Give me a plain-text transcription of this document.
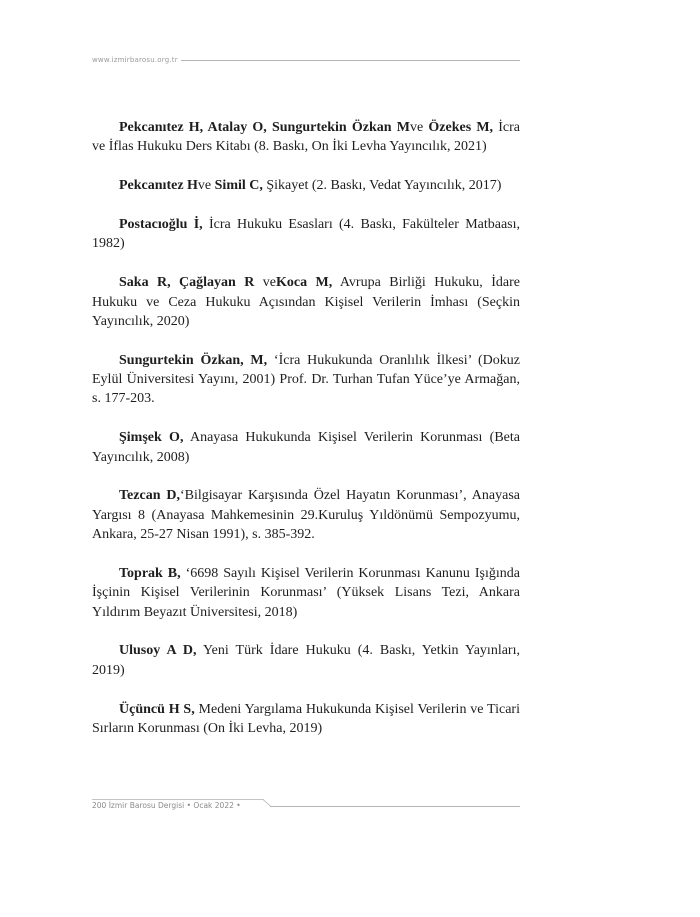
www.izmirbarosu.org.tr

Pekcanıtez H, Atalay O, Sungurtekin Özkan Mve Özekes M, İcra ve İflas Hukuku Ders Kitabı (8. Baskı, On İki Levha Yayıncılık, 2021)

Pekcanıtez Hve Simil C, Şikayet (2. Baskı, Vedat Yayıncılık, 2017)

Postacıoğlu İ, İcra Hukuku Esasları (4. Baskı, Fakülteler Matbaası, 1982)

Saka R, Çağlayan R veKoca M, Avrupa Birliği Hukuku, İdare Hukuku ve Ceza Hukuku Açısından Kişisel Verilerin İmhası (Seçkin Yayıncılık, 2020)

Sungurtekin Özkan, M, ‘İcra Hukukunda Oranlılık İlkesi’ (Dokuz Eylül Üniversitesi Yayını, 2001) Prof. Dr. Turhan Tufan Yüce’ye Armağan, s. 177-203.

Şimşek O, Anayasa Hukukunda Kişisel Verilerin Korunması (Beta Yayıncılık, 2008)

Tezcan D,‘Bilgisayar Karşısında Özel Hayatın Korunması’, Anayasa Yargısı 8 (Anayasa Mahkemesinin 29.Kuruluş Yıldönümü Sempozyumu, Ankara, 25-27 Nisan 1991), s. 385-392.

Toprak B, ‘6698 Sayılı Kişisel Verilerin Korunması Kanunu Işığında İşçinin Kişisel Verilerinin Korunması’ (Yüksek Lisans Tezi, Ankara Yıldırım Beyazıt Üniversitesi, 2018)

Ulusoy A D, Yeni Türk İdare Hukuku (4. Baskı, Yetkin Yayınları, 2019)

Üçüncü H S, Medeni Yargılama Hukukunda Kişisel Verilerin ve Ticari Sırların Korunması (On İki Levha, 2019)

200 İzmir Barosu Dergisi • Ocak 2022 •
